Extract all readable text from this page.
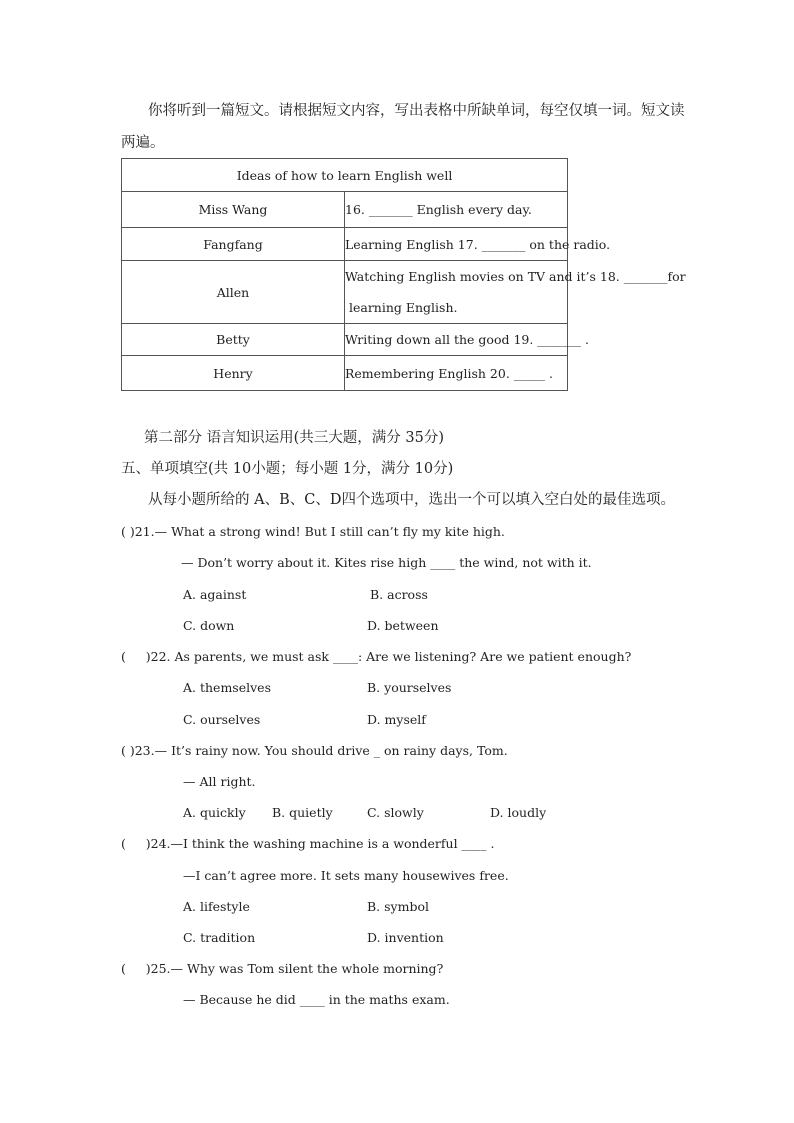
你将听到一篇短文。请根据短文内容，写出表格中所缺单词，每空仅填一词。短文读
两遍。
Ideas of how to learn English well	
Miss Wang	16. _______ English every day.
Fangfang	Learning English 17. _______ on the radio.
Allen	Watching English movies on TV and it’s 18. _______for
learning English.

Betty	Writing down all the good 19. _______ .
Henry	Remembering English 20. _____ .
第二部分 语言知识运用(共三大题，满分 35分)
五、单项填空(共 10小题；每小题 1分，满分 10分)
从每小题所给的 A、B、C、D四个选项中，选出一个可以填入空白处的最佳选项。
( )21.— What a strong wind! But I still can’t fly my kite high.
— Don’t worry about it. Kites rise high ____ the wind, not with it.
A. against	B. across
C. down	D. between
(     )22. As parents, we must ask ____: Are we listening? Are we patient enough?
A. themselves	B. yourselves
C. ourselves	D. myself
( )23.— It’s rainy now. You should drive _ on rainy days, Tom.
— All right.
A. quickly B. quietly	C. slowly	D. loudly
(     )24.—I think the washing machine is a wonderful ____ .
—I can’t agree more. It sets many housewives free.
A. lifestyle	B. symbol
C. tradition	D. invention
(     )25.— Why was Tom silent the whole morning?
— Because he did ____ in the maths exam.
